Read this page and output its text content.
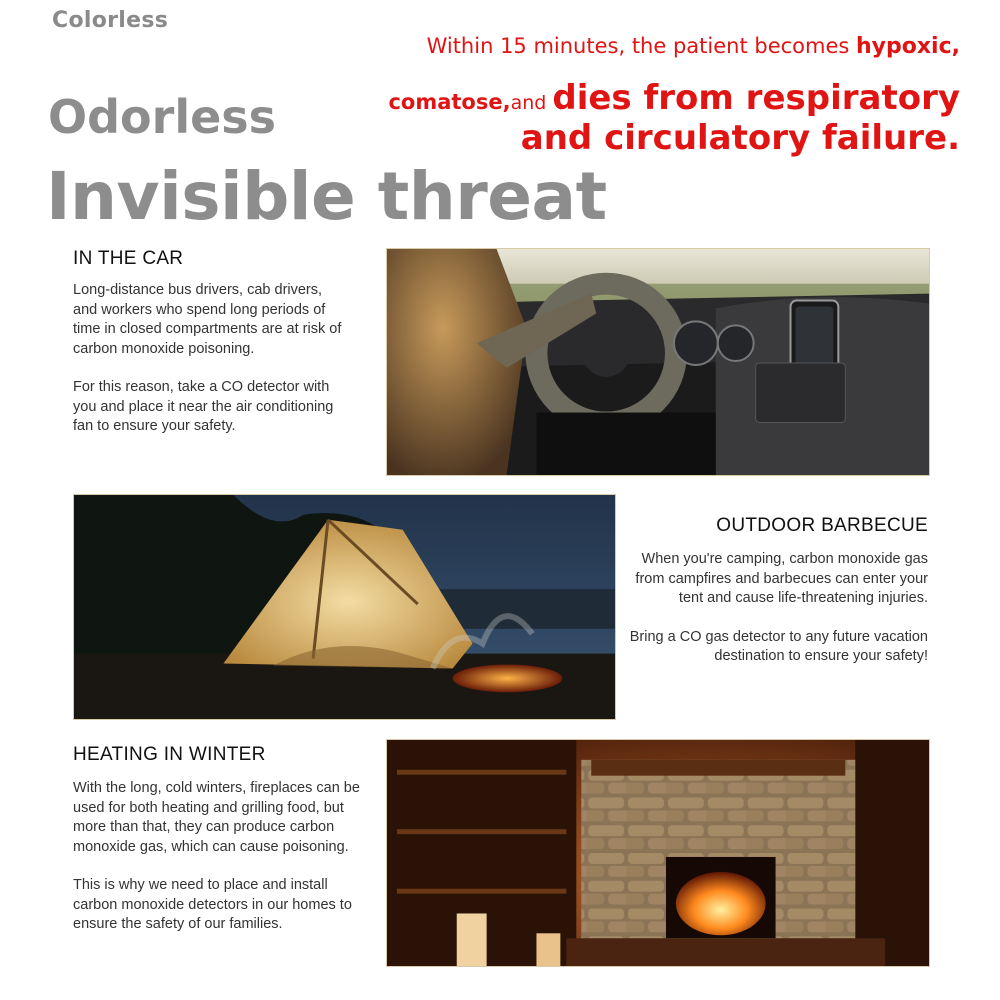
Colorless
Odorless
Invisible threat
Within 15 minutes, the patient becomes hypoxic,
comatose,and dies from respiratory
and circulatory failure.
IN THE CAR

Long-distance bus drivers, cab drivers, and workers who spend long periods of time in closed compartments are at risk of carbon monoxide poisoning.

For this reason, take a CO detector with you and place it near the air conditioning fan to ensure your safety.

OUTDOOR BARBECUE

When you're camping, carbon monoxide gas from campfires and barbecues can enter your tent and cause life-threatening injuries.

Bring a CO gas detector to any future vacation destination to ensure your safety!

HEATING IN WINTER

With the long, cold winters, fireplaces can be used for both heating and grilling food, but more than that, they can produce carbon monoxide gas, which can cause poisoning.

This is why we need to place and install carbon monoxide detectors in our homes to ensure the safety of our families.
